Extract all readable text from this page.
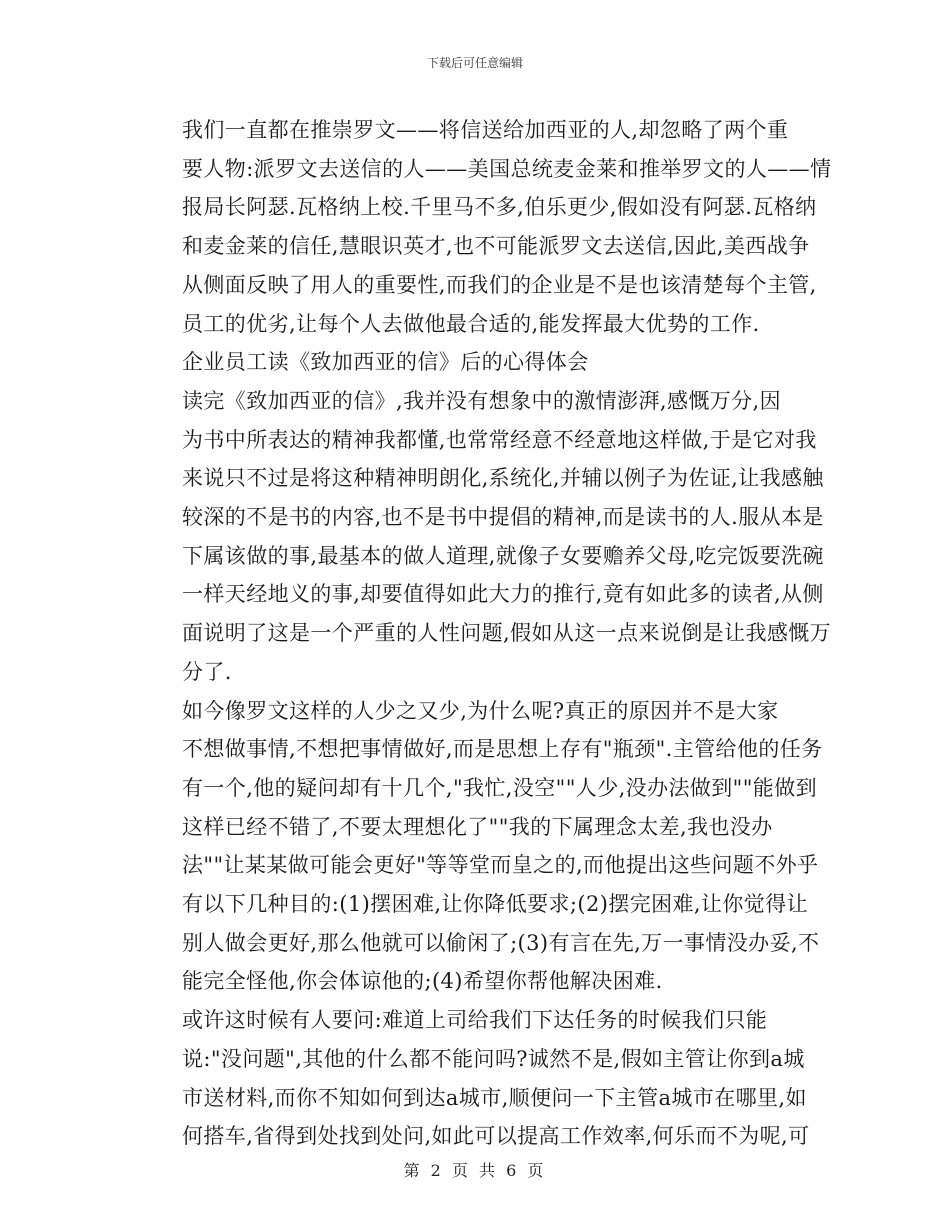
下载后可任意编辑

我们一直都在推崇罗文——将信送给加西亚的人,却忽略了两个重
要人物:派罗文去送信的人——美国总统麦金莱和推举罗文的人——情
报局长阿瑟.瓦格纳上校.千里马不多,伯乐更少,假如没有阿瑟.瓦格纳
和麦金莱的信任,慧眼识英才,也不可能派罗文去送信,因此,美西战争
从侧面反映了用人的重要性,而我们的企业是不是也该清楚每个主管,
员工的优劣,让每个人去做他最合适的,能发挥最大优势的工作.

企业员工读《致加西亚的信》后的心得体会

读完《致加西亚的信》,我并没有想象中的激情澎湃,感慨万分,因
为书中所表达的精神我都懂,也常常经意不经意地这样做,于是它对我
来说只不过是将这种精神明朗化,系统化,并辅以例子为佐证,让我感触
较深的不是书的内容,也不是书中提倡的精神,而是读书的人.服从本是
下属该做的事,最基本的做人道理,就像子女要赡养父母,吃完饭要洗碗
一样天经地义的事,却要值得如此大力的推行,竟有如此多的读者,从侧
面说明了这是一个严重的人性问题,假如从这一点来说倒是让我感慨万
分了.

如今像罗文这样的人少之又少,为什么呢?真正的原因并不是大家
不想做事情,不想把事情做好,而是思想上存有"瓶颈".主管给他的任务
有一个,他的疑问却有十几个,"我忙,没空""人少,没办法做到""能做到
这样已经不错了,不要太理想化了""我的下属理念太差,我也没办
法""让某某做可能会更好"等等堂而皇之的,而他提出这些问题不外乎
有以下几种目的:(1)摆困难,让你降低要求;(2)摆完困难,让你觉得让
别人做会更好,那么他就可以偷闲了;(3)有言在先,万一事情没办妥,不
能完全怪他,你会体谅他的;(4)希望你帮他解决困难.

或许这时候有人要问:难道上司给我们下达任务的时候我们只能
说:"没问题",其他的什么都不能问吗?诚然不是,假如主管让你到a城
市送材料,而你不知如何到达a城市,顺便问一下主管a城市在哪里,如
何搭车,省得到处找到处问,如此可以提高工作效率,何乐而不为呢,可

第 2 页 共 6 页
